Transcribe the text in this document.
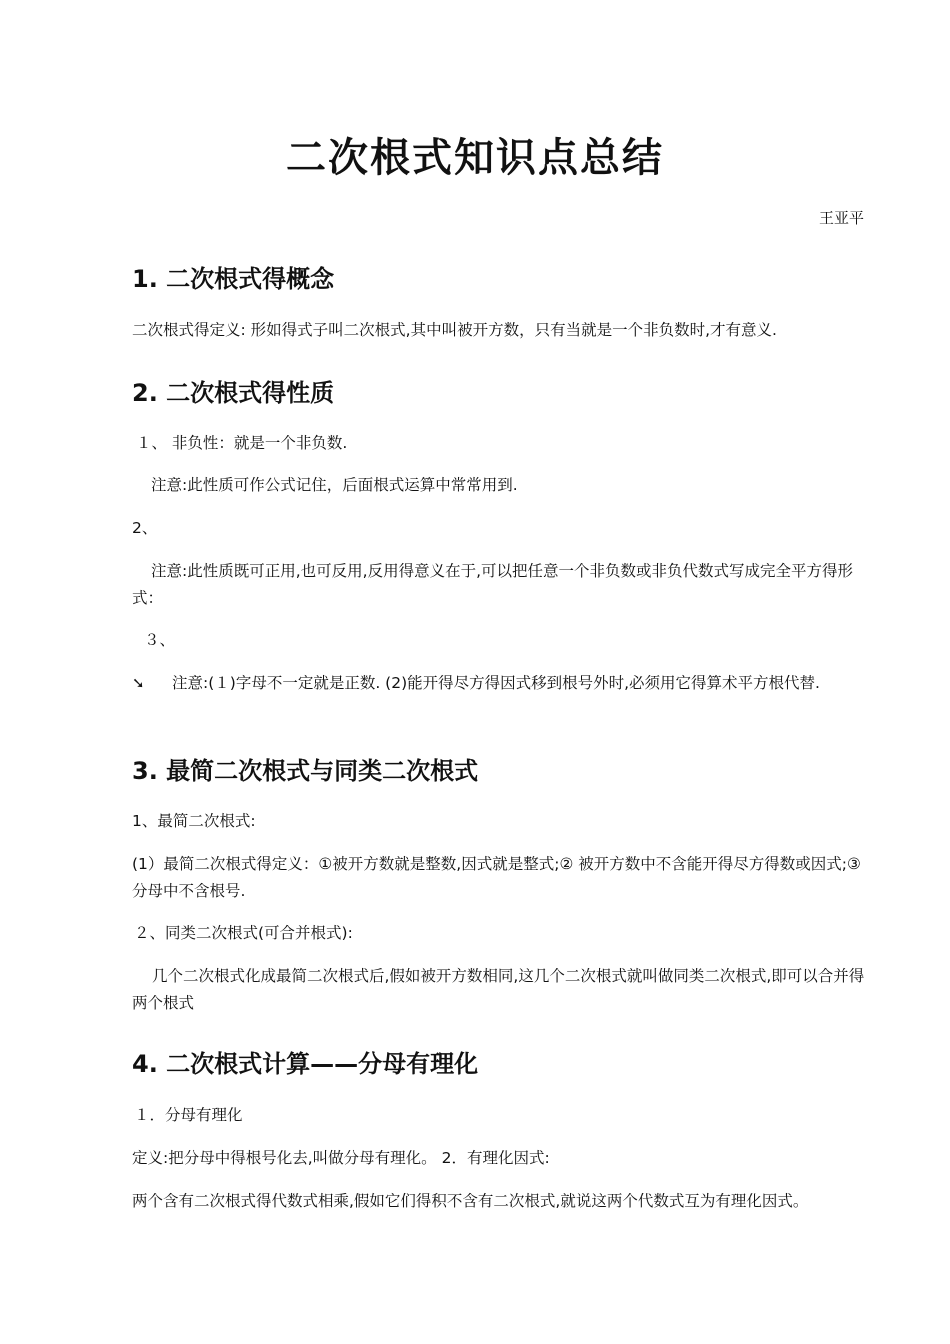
二次根式知识点总结
王亚平
1. 二次根式得概念

二次根式得定义: 形如得式子叫二次根式,其中叫被开方数，只有当就是一个非负数时,才有意义.

2. 二次根式得性质

１、 非负性：就是一个非负数.

注意:此性质可作公式记住，后面根式运算中常常用到.

2、

注意:此性质既可正用,也可反用,反用得意义在于,可以把任意一个非负数或非负代数式写成完全平方得形式：

３、

➘ 注意:(１)字母不一定就是正数. (2)能开得尽方得因式移到根号外时,必须用它得算术平方根代替.

3. 最简二次根式与同类二次根式

1、最简二次根式:

(1）最简二次根式得定义：①被开方数就是整数,因式就是整式;② 被开方数中不含能开得尽方得数或因式;③分母中不含根号.

２、同类二次根式(可合并根式):

几个二次根式化成最简二次根式后,假如被开方数相同,这几个二次根式就叫做同类二次根式,即可以合并得两个根式

4. 二次根式计算——分母有理化

１．分母有理化

定义:把分母中得根号化去,叫做分母有理化。 2．有理化因式:

两个含有二次根式得代数式相乘,假如它们得积不含有二次根式,就说这两个代数式互为有理化因式。
